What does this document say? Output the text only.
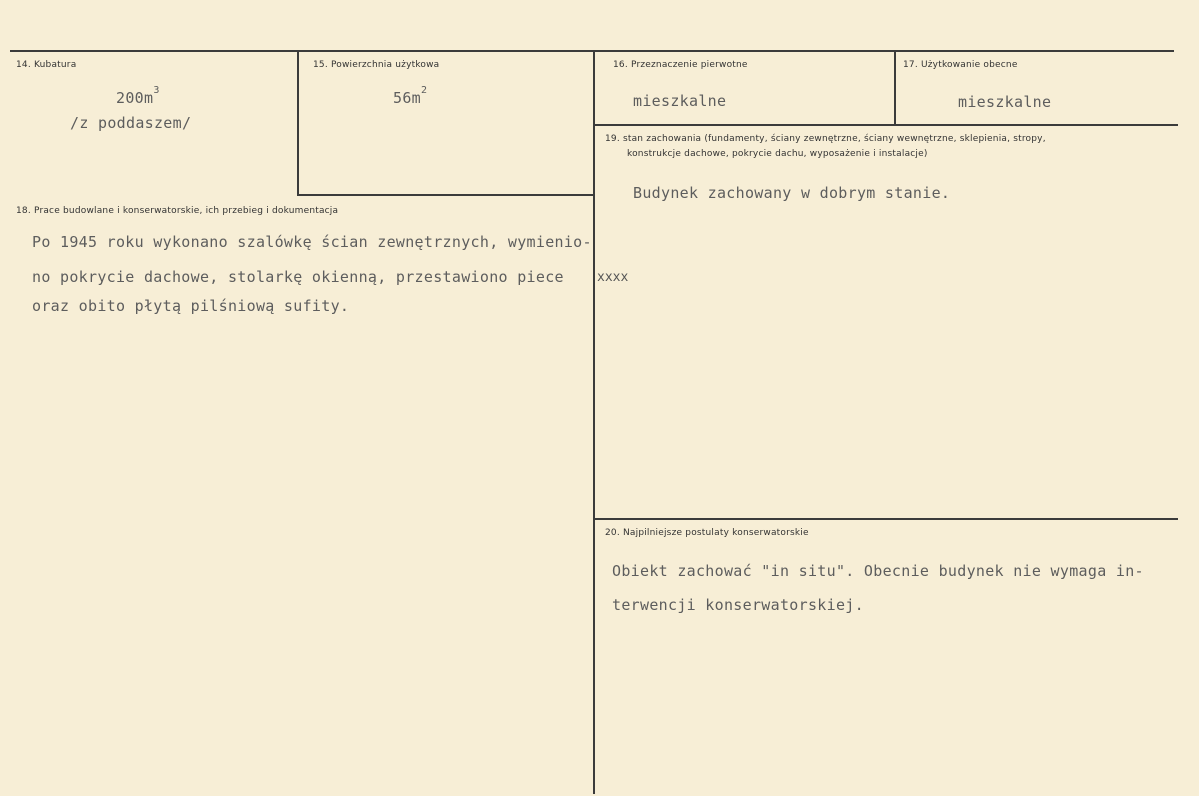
14. Kubatura
$200m^3$
/z poddaszem/
15. Powierzchnia użytkowa
$56m^2$
16. Przeznaczenie pierwotne
mieszkalne
17. Użytkowanie obecne
mieszkalne
18. Prace budowlane i konserwatorskie, ich przebieg i dokumentacja
Po 1945 roku wykonano szalówkę ścian zewnętrznych, wymienio-
no pokrycie dachowe, stolarkę okienną, przestawiono piece
oraz obito płytą pilśniową sufity.
xxxx
19. stan zachowania (fundamenty, ściany zewnętrzne, ściany wewnętrzne, sklepienia, stropy,
konstrukcje dachowe, pokrycie dachu, wyposażenie i instalacje)
Budynek zachowany w dobrym stanie.
20. Najpilniejsze postulaty konserwatorskie
Obiekt zachować "in situ". Obecnie budynek nie wymaga in-
terwencji konserwatorskiej.
